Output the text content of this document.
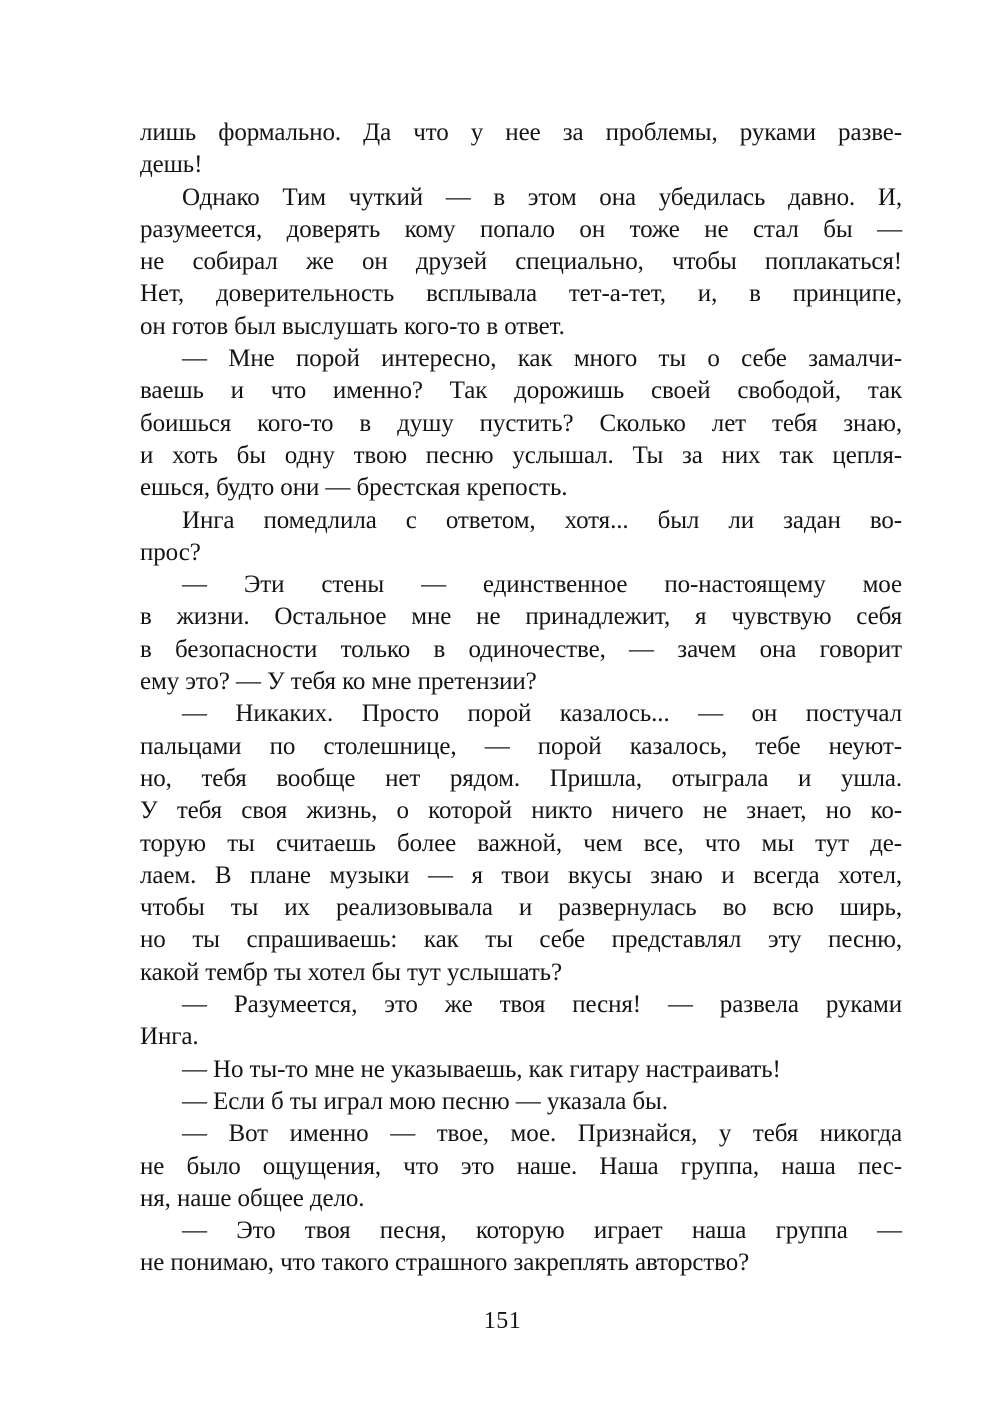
лишь формально. Да что у нее за проблемы, руками разве-
дешь!
Однако Тим чуткий — в этом она убедилась давно. И,
разумеется, доверять кому попало он тоже не стал бы —
не собирал же он друзей специально, чтобы поплакаться!
Нет, доверительность всплывала тет-а-тет, и, в принципе,
он готов был выслушать кого-то в ответ.
— Мне порой интересно, как много ты о себе замалчи-
ваешь и что именно? Так дорожишь своей свободой, так
боишься кого-то в душу пустить? Сколько лет тебя знаю,
и хоть бы одну твою песню услышал. Ты за них так цепля-
ешься, будто они — брестская крепость.
Инга помедлила с ответом, хотя... был ли задан во-
прос?
— Эти стены — единственное по-настоящему мое
в жизни. Остальное мне не принадлежит, я чувствую себя
в безопасности только в одиночестве, — зачем она говорит
ему это? — У тебя ко мне претензии?
— Никаких. Просто порой казалось... — он постучал
пальцами по столешнице, — порой казалось, тебе неуют-
но, тебя вообще нет рядом. Пришла, отыграла и ушла.
У тебя своя жизнь, о которой никто ничего не знает, но ко-
торую ты считаешь более важной, чем все, что мы тут де-
лаем. В плане музыки — я твои вкусы знаю и всегда хотел,
чтобы ты их реализовывала и развернулась во всю ширь,
но ты спрашиваешь: как ты себе представлял эту песню,
какой тембр ты хотел бы тут услышать?
— Разумеется, это же твоя песня! — развела руками
Инга.
— Но ты-то мне не указываешь, как гитару настраивать!
— Если б ты играл мою песню — указала бы.
— Вот именно — твое, мое. Признайся, у тебя никогда
не было ощущения, что это наше. Наша группа, наша пес-
ня, наше общее дело.
— Это твоя песня, которую играет наша группа —
не понимаю, что такого страшного закреплять авторство?
151
